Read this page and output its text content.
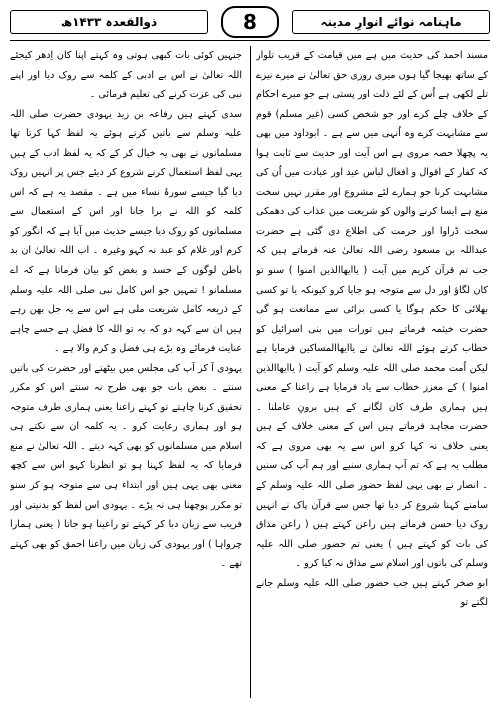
ماہنامہ نوائے انوارِ مدینہ
8
ذوالقعدہ ۱۴۳۳ھ

مسند احمد کی حدیث میں ہے میں قیامت کے قریب تلوار کے ساتھ بھیجا گیا ہوں میری روزی حق تعالیٰ نے میرے نیزے تلے لکھی ہے اُس کے لئے ذلت اور پستی ہے جو میرے احکام کے خلاف چلے کرے اور جو شخص کسی (غیر مسلم) قوم سے مشابہت کرے وہ اُنہی میں سے ہے ۔ ابوداود میں بھی یہ پچھلا حصہ مروی ہے اس آیت اور حدیث سے ثابت ہوا کہ کفار کے اقوال و افعال لباس عید اور عبادت میں اُن کی مشابہت کرنا جو ہمارے لئے مشروع اور مقرر نہیں سخت منع ہے ایسا کرنے والوں کو شریعت میں عذاب کی دھمکی سخت ڈراوا اور حرمت کی اطلاع دی گئی ہے حضرت عبداللہ بن مسعود رضی اللہ تعالیٰ عنہ فرماتے ہیں کہ جب تم قرآن کریم میں آیت ( یاایھاالذین امنوا ) سنو تو کان لگاؤ اور دل سے متوجہ ہو جایا کرو کیونکہ یا تو کسی بھلائی کا حکم ہوگا یا کسی برائی سے ممانعت ہو گی حضرت خیثمہ فرماتے ہیں تورات میں بنی اسرائیل کو خطاب کرتے ہوئے اللہ تعالیٰ نے یاایھاالمساکین فرمایا ہے لیکن اُمت محمد صلی اللہ علیہ وسلم کو آیت ( یاایھاالذین امنوا ) کے معزز خطاب سے یاد فرمایا ہے راعنا کے معنی ہیں ہماری طرف کان لگانے کے ہیں برونِ عاملنا ۔ حضرت مجاہد فرماتے ہیں اس کے معنی خلاف کے ہیں یعنی خلاف نہ کہا کرو اس سے یہ بھی مروی ہے کہ مطلب یہ ہے کہ تم آپ ہماری سنیے اور ہم آپ کی سنیں ۔ انصار نے بھی یہی لفظ حضور صلی اللہ علیہ وسلم کے سامنے کہنا شروع کر دیا تھا جس سے قرآن پاک نے انہیں روک دیا حسن فرماتے ہیں راعن کہتے ہیں ( راعن مذاق کی بات کو کہتے ہیں ) یعنی تم حضور صلی اللہ علیہ وسلم کی باتوں اور اسلام سے مذاق نہ کیا کرو ۔

ابو صخر کہتے ہیں جب حضور صلی اللہ علیہ وسلم جانے لگتے تو

جنہیں کوئی بات کبھی ہوتی وہ کہتے اپنا کان اِدھر کیجئے اللہ تعالیٰ نے اس بے ادبی کے کلمہ سے روک دیا اور اپنے نبی کی عزت کرنے کی تعلیم فرمائی ۔

سدی کہتے ہیں رفاعہ بن زید یہودی حضرت صلی اللہ علیہ وسلم سے باتیں کرتے ہوئے یہ لفظ کہا کرتا تھا مسلمانوں نے بھی یہ خیال کر کے کہ یہ لفظ ادب کے ہیں یہی لفظ استعمال کرنے شروع کر دیئے جس پر انہیں روک دیا گیا جیسے سورۂ نساء میں ہے ۔ مقصد یہ ہے کہ اس کلمہ کو اللہ نے برا جانا اور اس کے استعمال سے مسلمانوں کو روک دیا جیسے حدیث میں آیا ہے کہ انگور کو کرم اور غلام کو عبد نہ کہو وغیرہ ۔ اب اللہ تعالیٰ ان بد باطن لوگوں کے حسد و بغض کو بیان فرماتا ہے کہ اے مسلمانو ! تمہیں جو اس کامل نبی صلی اللہ علیہ وسلم کے ذریعہ کامل شریعت ملی ہے اس سے یہ جل بھن رہے ہیں ان سے کہہ دو کہ یہ تو اللہ کا فضل ہے جسے چاہے عنایت فرمائے وہ بڑے ہی فضل و کرم والا ہے ۔

یہودی آ کر آپ کی مجلس میں بیٹھتے اور حضرت کی باتیں سنتے ۔ بعض بات جو بھی طرح نہ سنتے اس کو مکرر تحقیق کرنا چاہتے تو کہتے راعنا یعنی ہماری طرف متوجہ ہو اور ہماری رعایت کرو ۔ یہ کلمہ ان سے نکتے ہی اسلام میں مسلمانوں کو بھی کہہ دیتے ۔ اللہ تعالیٰ نے منع فرمایا کہ یہ لفظ کہنا ہو تو انظرنا کہو اس سے کچھ معنی بھی یہی ہیں اور ابتداء ہی سے متوجہ ہو کر سنو تو مکرر پوچھنا ہی نہ پڑے ۔ یہودی اس لفظ کو بدنیتی اور فریب سے زبان دبا کر کہتے تو راعینا ہو جاتا ( یعنی ہمارا چرواہا ) اور یہودی کی زبان میں راعنا احمق کو بھی کہتے تھے ۔
